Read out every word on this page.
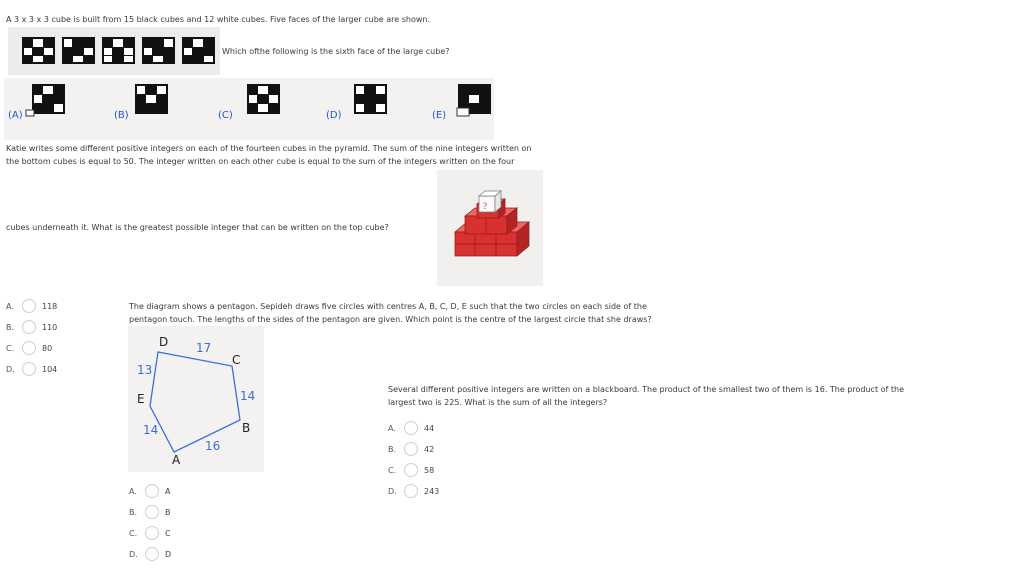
A 3 x 3 x 3 cube is built from 15 black cubes and 12 white cubes. Five faces of the larger cube are shown.
Which ofthe following is the sixth face of the large cube?
(A)	(B)	(C)	(D)	(E)
Katie writes some different positive integers on each of the fourteen cubes in the pyramid. The sum of the nine integers written on
the bottom cubes is equal to 50. The integer written on each other cube is equal to the sum of the integers written on the four
cubes underneath it. What is the greatest possible integer that can be written on the top cube?
?
A.	118
B.	110
C.	80
D.	104
The diagram shows a pentagon. Sepideh draws five circles with centres A, B, C, D, E such that the two circles on each side of the
pentagon touch. The lengths of the sides of the pentagon are given. Which point is the centre of the largest circle that she draws?
D
C
E
B
A
17
13
14
14
16
A.	A
B.	B
C.	C
D.	D
Several different positive integers are written on a blackboard. The product of the smallest two of them is 16. The product of the
largest two is 225. What is the sum of all the integers?
A.	44
B.	42
C.	58
D.	243
